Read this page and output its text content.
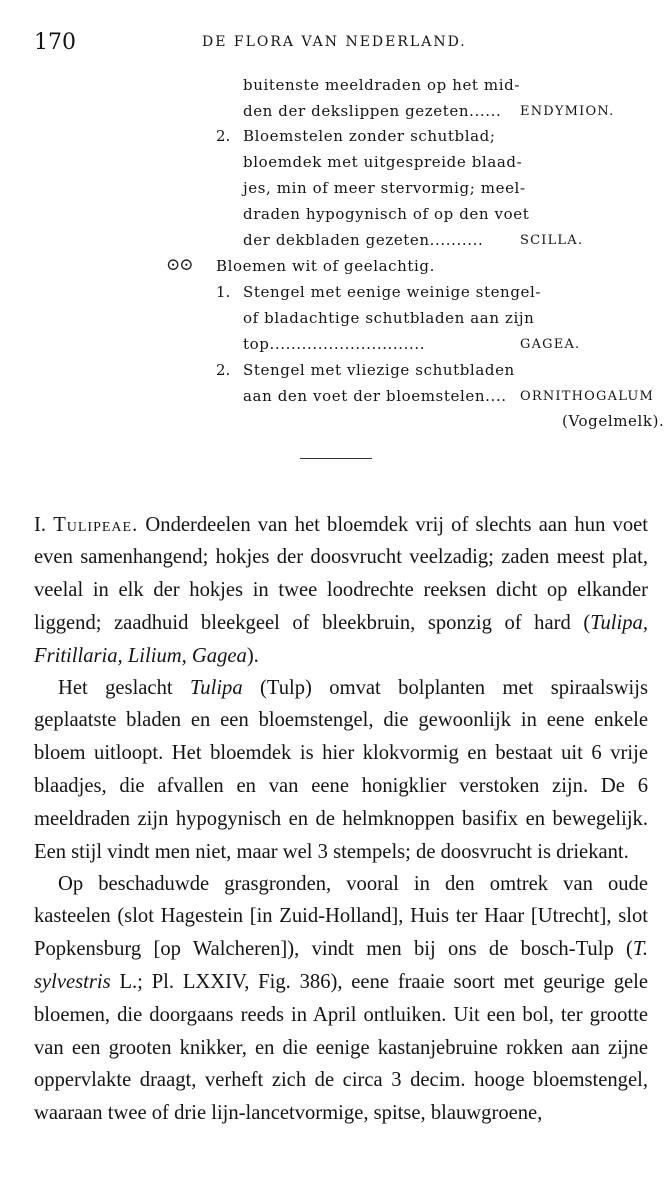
170	DE FLORA VAN NEDERLAND.
buitenste meeldraden op het mid-
den der dekslippen gezeten...... ENDYMION.
2. Bloemstelen zonder schutblad;
bloemdek met uitgespreide blaad-
jes, min of meer stervormig; meel-
draden hypogynisch of op den voet
der dekbladen gezeten..........	SCILLA.
⊙⊙ Bloemen wit of geelachtig.
1. Stengel met eenige weinige stengel-
of bladachtige schutbladen aan zijn
top.............................	GAGEA.
2. Stengel met vliezige schutbladen
aan den voet der bloemstelen.... ORNITHOGALUM
(Vogelmelk).

I. Tulipeae. Onderdeelen van het bloemdek vrij of slechts aan hun voet even samenhangend; hokjes der doosvrucht veelzadig; zaden meest plat, veelal in elk der hokjes in twee loodrechte reeksen dicht op elkander liggend; zaadhuid bleekgeel of bleekbruin, sponzig of hard (Tulipa, Fritillaria, Lilium, Gagea).

Het geslacht Tulipa (Tulp) omvat bolplanten met spiraalswijs geplaatste bladen en een bloemstengel, die gewoonlijk in eene enkele bloem uitloopt. Het bloemdek is hier klokvormig en bestaat uit 6 vrije blaadjes, die afvallen en van eene honigklier verstoken zijn. De 6 meeldraden zijn hypogynisch en de helmknoppen basifix en bewegelijk. Een stijl vindt men niet, maar wel 3 stempels; de doosvrucht is driekant.

Op beschaduwde grasgronden, vooral in den omtrek van oude kasteelen (slot Hagestein [in Zuid-Holland], Huis ter Haar [Utrecht], slot Popkensburg [op Walcheren]), vindt men bij ons de bosch-Tulp (T. sylvestris L.; Pl. LXXIV, Fig. 386), eene fraaie soort met geurige gele bloemen, die doorgaans reeds in April ontluiken. Uit een bol, ter grootte van een grooten knikker, en die eenige kastanjebruine rokken aan zijne oppervlakte draagt, verheft zich de circa 3 decim. hooge bloemstengel, waaraan twee of drie lijn-lancetvormige, spitse, blauwgroene,
